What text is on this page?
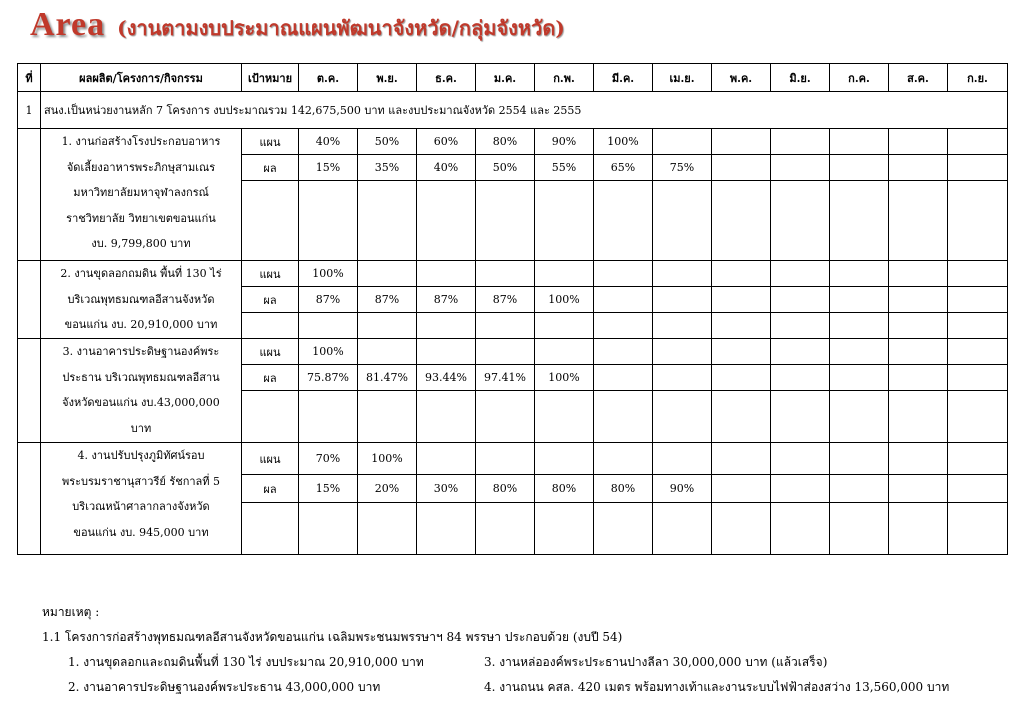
Area (งานตามงบประมาณแผนพัฒนาจังหวัด/กลุ่มจังหวัด)
ที่	ผลผลิต/โครงการ/กิจกรรม	เป้าหมาย	ต.ค.	พ.ย.	ธ.ค.	ม.ค.	ก.พ.	มี.ค.	เม.ย.	พ.ค.	มิ.ย.	ก.ค.	ส.ค.	ก.ย.
1	สนง.เป็นหน่วยงานหลัก 7 โครงการ งบประมาณรวม 142,675,500 บาท และงบประมาณจังหวัด 2554 และ 2555													

	1. งานก่อสร้างโรงประกอบอาหาร
จัดเลี้ยงอาหารพระภิกษุสามเณร
มหาวิทยาลัยมหาจุฬาลงกรณ์
ราชวิทยาลัย วิทยาเขตขอนแก่น
งบ. 9,799,800 บาท	แผน	40%	50%	60%	80%	90%	100%						
		ผล	15%	35%	40%	50%	55%	65%	75%					

	2. งานขุดลอกถมดิน พื้นที่ 130 ไร่
บริเวณพุทธมณฑลอีสานจังหวัด
ขอนแก่น งบ. 20,910,000 บาท	แผน	100%											
		ผล	87%	87%	87%	87%	100%							

	3. งานอาคารประดิษฐานองค์พระ
ประธาน บริเวณพุทธมณฑลอีสาน
จังหวัดขอนแก่น งบ.43,000,000
บาท	แผน	100%											
		ผล	75.87%	81.47%	93.44%	97.41%	100%							

	4. งานปรับปรุงภูมิทัศน์รอบ
พระบรมราชานุสาวรีย์ รัชกาลที่ 5
บริเวณหน้าศาลากลางจังหวัด
ขอนแก่น งบ. 945,000 บาท	แผน	70%	100%										
		ผล	15%	20%	30%	80%	80%	80%	90%					

หมายเหตุ :
1.1 โครงการก่อสร้างพุทธมณฑลอีสานจังหวัดขอนแก่น เฉลิมพระชนมพรรษาฯ 84 พรรษา ประกอบด้วย (งบปี 54)
1. งานขุดลอกและถมดินพื้นที่ 130 ไร่ งบประมาณ 20,910,000 บาท	3. งานหล่อองค์พระประธานปางลีลา 30,000,000 บาท (แล้วเสร็จ)
2. งานอาคารประดิษฐานองค์พระประธาน 43,000,000 บาท	4. งานถนน คสล. 420 เมตร พร้อมทางเท้าและงานระบบไฟฟ้าส่องสว่าง 13,560,000 บาท
